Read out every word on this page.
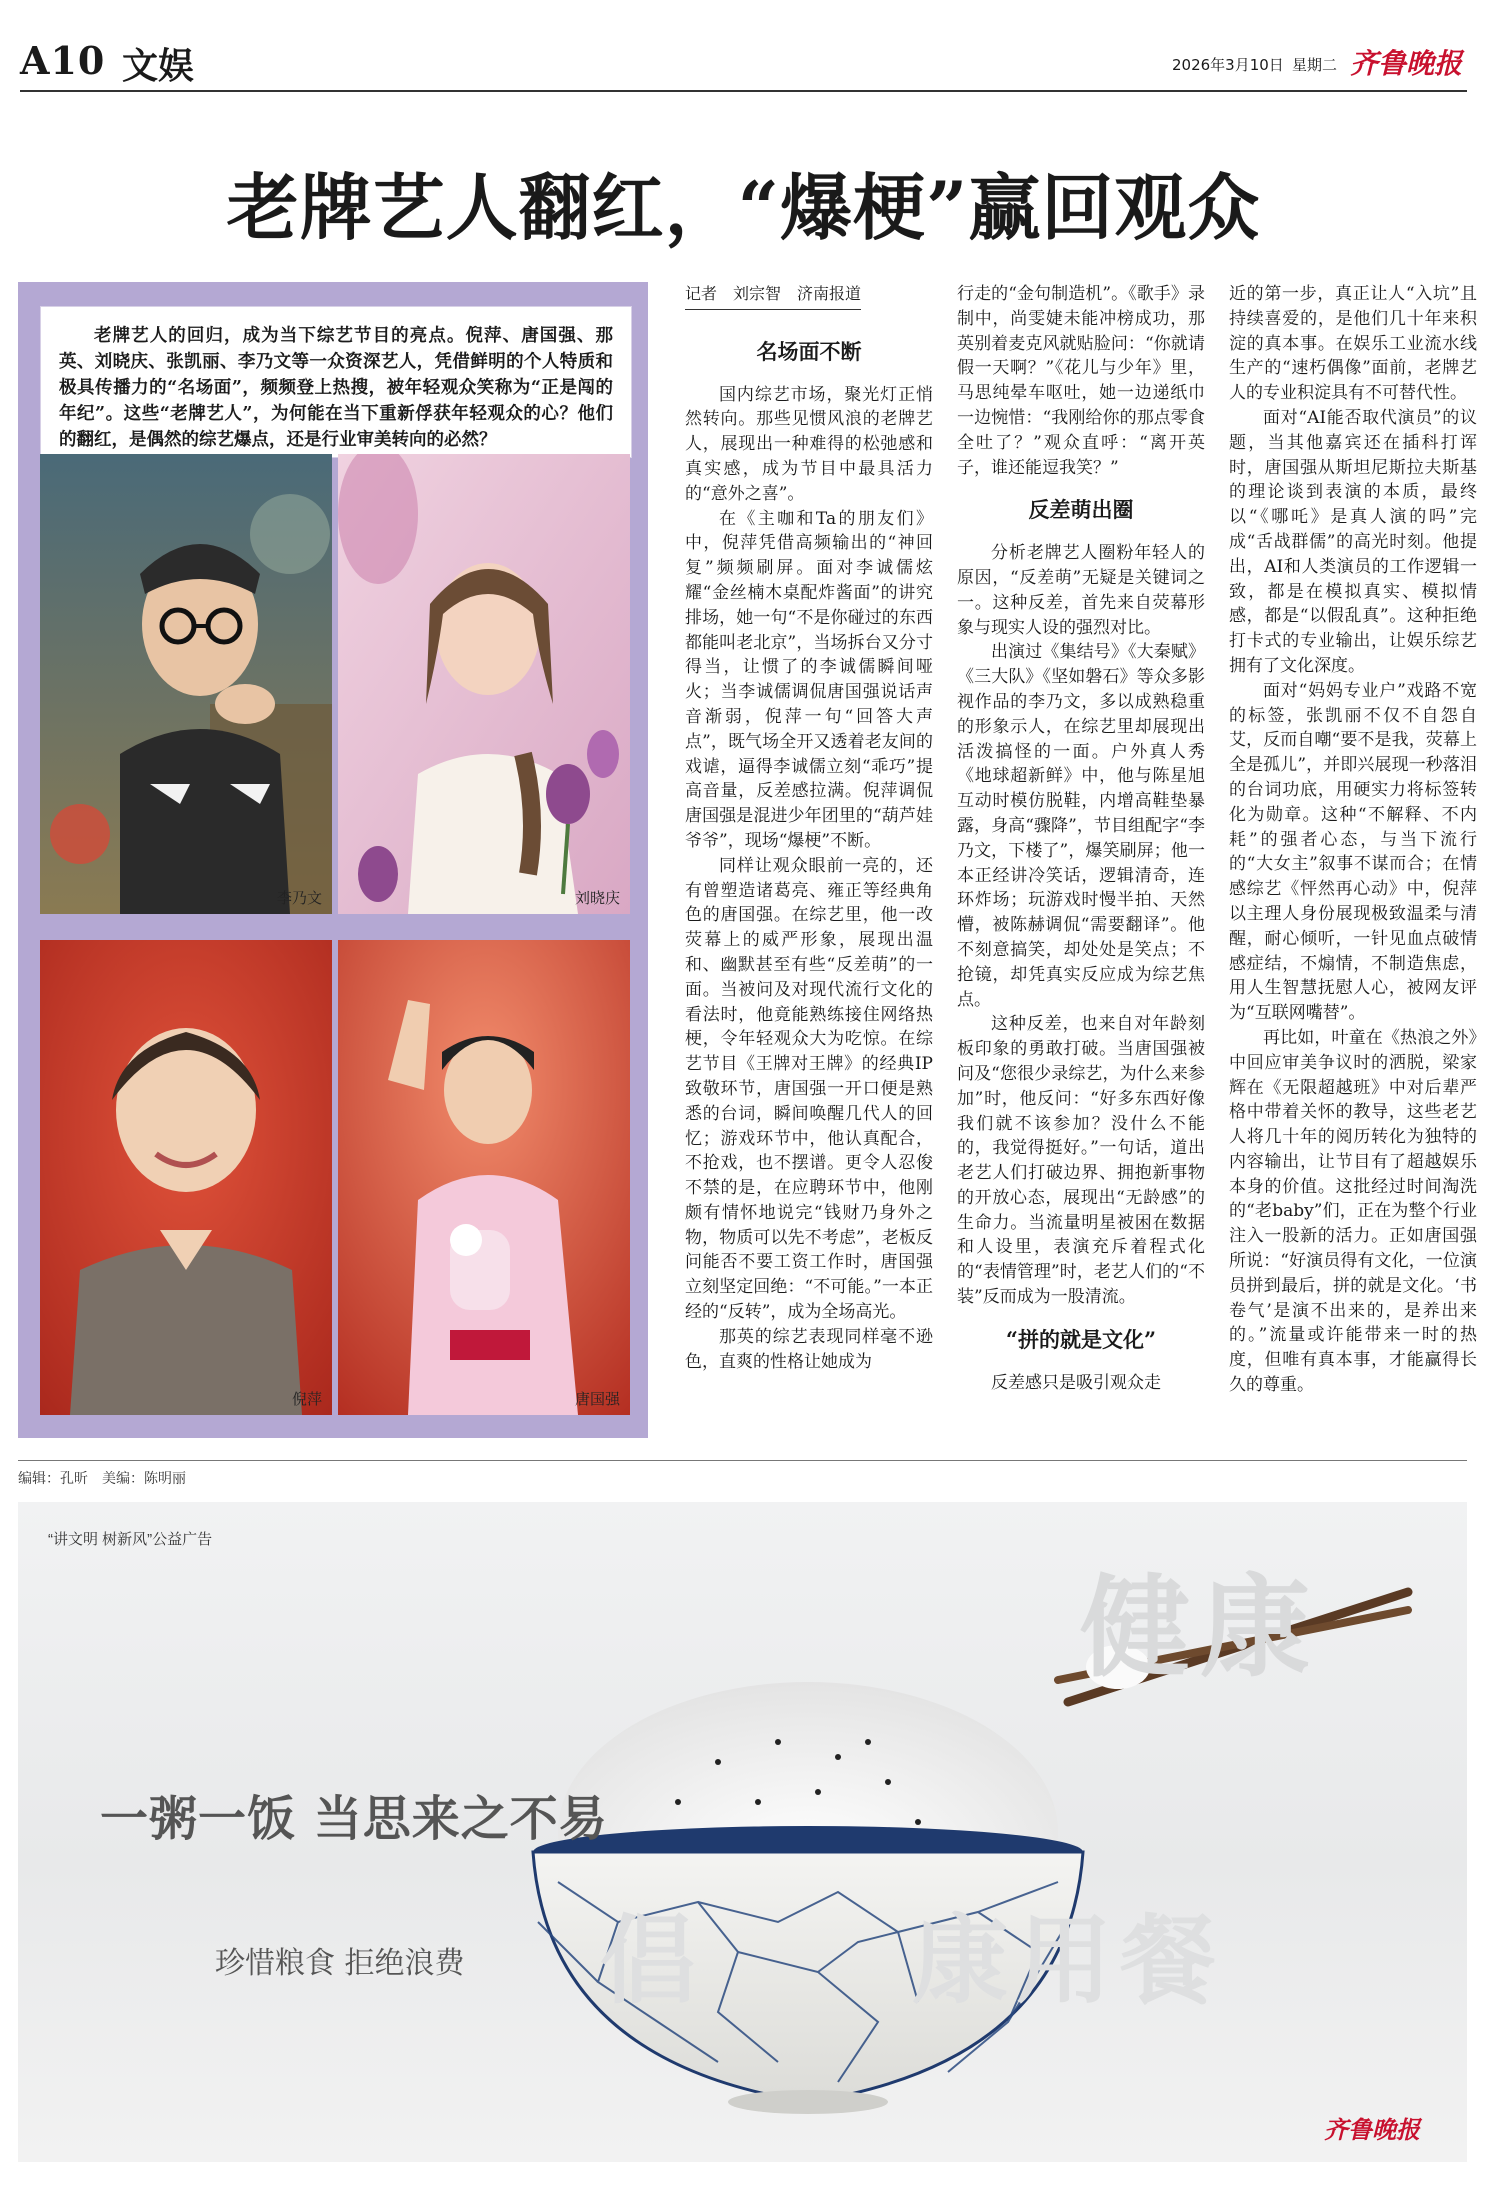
A10 文娱	2026年3月10日 星期二 齐鲁晚报
老牌艺人翻红，“爆梗”赢回观众

老牌艺人的回归，成为当下综艺节目的亮点。倪萍、唐国强、那英、刘晓庆、张凯丽、李乃文等一众资深艺人，凭借鲜明的个人特质和极具传播力的“名场面”，频频登上热搜，被年轻观众笑称为“正是闯的年纪”。这些“老牌艺人”，为何能在当下重新俘获年轻观众的心？他们的翻红，是偶然的综艺爆点，还是行业审美转向的必然？

李乃文	刘晓庆
倪萍	唐国强

记者　刘宗智　济南报道

名场面不断

国内综艺市场，聚光灯正悄然转向。那些见惯风浪的老牌艺人，展现出一种难得的松弛感和真实感，成为节目中最具活力的“意外之喜”。

在《主咖和Ta的朋友们》中，倪萍凭借高频输出的“神回复”频频刷屏。面对李诚儒炫耀“金丝楠木桌配炸酱面”的讲究排场，她一句“不是你碰过的东西都能叫老北京”，当场拆台又分寸得当，让惯了的李诚儒瞬间哑火；当李诚儒调侃唐国强说话声音渐弱，倪萍一句“回答大声点”，既气场全开又透着老友间的戏谑，逼得李诚儒立刻“乖巧”提高音量，反差感拉满。倪萍调侃唐国强是混进少年团里的“葫芦娃爷爷”，现场“爆梗”不断。

同样让观众眼前一亮的，还有曾塑造诸葛亮、雍正等经典角色的唐国强。在综艺里，他一改荧幕上的威严形象，展现出温和、幽默甚至有些“反差萌”的一面。当被问及对现代流行文化的看法时，他竟能熟练接住网络热梗，令年轻观众大为吃惊。在综艺节目《王牌对王牌》的经典IP致敬环节，唐国强一开口便是熟悉的台词，瞬间唤醒几代人的回忆；游戏环节中，他认真配合，不抢戏，也不摆谱。更令人忍俊不禁的是，在应聘环节中，他刚颇有情怀地说完“钱财乃身外之物，物质可以先不考虑”，老板反问能否不要工资工作时，唐国强立刻坚定回绝：“不可能。”一本正经的“反转”，成为全场高光。

那英的综艺表现同样毫不逊色，直爽的性格让她成为

行走的“金句制造机”。《歌手》录制中，尚雯婕未能冲榜成功，那英别着麦克风就贴脸问：“你就请假一天啊？”《花儿与少年》里，马思纯晕车呕吐，她一边递纸巾一边惋惜：“我刚给你的那点零食全吐了？”观众直呼：“离开英子，谁还能逗我笑？”

反差萌出圈

分析老牌艺人圈粉年轻人的原因，“反差萌”无疑是关键词之一。这种反差，首先来自荧幕形象与现实人设的强烈对比。

出演过《集结号》《大秦赋》《三大队》《坚如磐石》等众多影视作品的李乃文，多以成熟稳重的形象示人，在综艺里却展现出活泼搞怪的一面。户外真人秀《地球超新鲜》中，他与陈星旭互动时模仿脱鞋，内增高鞋垫暴露，身高“骤降”，节目组配字“李乃文，下楼了”，爆笑刷屏；他一本正经讲冷笑话，逻辑清奇，连环炸场；玩游戏时慢半拍、天然懵，被陈赫调侃“需要翻译”。他不刻意搞笑，却处处是笑点；不抢镜，却凭真实反应成为综艺焦点。

这种反差，也来自对年龄刻板印象的勇敢打破。当唐国强被问及“您很少录综艺，为什么来参加”时，他反问：“好多东西好像我们就不该参加？没什么不能的，我觉得挺好。”一句话，道出老艺人们打破边界、拥抱新事物的开放心态，展现出“无龄感”的生命力。当流量明星被困在数据和人设里，表演充斥着程式化的“表情管理”时，老艺人们的“不装”反而成为一股清流。

“拼的就是文化”

反差感只是吸引观众走

近的第一步，真正让人“入坑”且持续喜爱的，是他们几十年来积淀的真本事。在娱乐工业流水线生产的“速朽偶像”面前，老牌艺人的专业积淀具有不可替代性。

面对“AI能否取代演员”的议题，当其他嘉宾还在插科打诨时，唐国强从斯坦尼斯拉夫斯基的理论谈到表演的本质，最终以“《哪吒》是真人演的吗”完成“舌战群儒”的高光时刻。他提出，AI和人类演员的工作逻辑一致，都是在模拟真实、模拟情感，都是“以假乱真”。这种拒绝打卡式的专业输出，让娱乐综艺拥有了文化深度。

面对“妈妈专业户”戏路不宽的标签，张凯丽不仅不自怨自艾，反而自嘲“要不是我，荧幕上全是孤儿”，并即兴展现一秒落泪的台词功底，用硬实力将标签转化为勋章。这种“不解释、不内耗”的强者心态，与当下流行的“大女主”叙事不谋而合；在情感综艺《怦然再心动》中，倪萍以主理人身份展现极致温柔与清醒，耐心倾听，一针见血点破情感症结，不煽情，不制造焦虑，用人生智慧抚慰人心，被网友评为“互联网嘴替”。

再比如，叶童在《热浪之外》中回应审美争议时的洒脱，梁家辉在《无限超越班》中对后辈严格中带着关怀的教导，这些老艺人将几十年的阅历转化为独特的内容输出，让节目有了超越娱乐本身的价值。这批经过时间淘洗的“老baby”们，正在为整个行业注入一股新的活力。正如唐国强所说：“好演员得有文化，一位演员拼到最后，拼的就是文化。‘书卷气’是演不出来的，是养出来的。”流量或许能带来一时的热度，但唯有真本事，才能赢得长久的尊重。

编辑：孔昕　美编：陈明丽
健康
倡　　康用餐
“讲文明 树新风”公益广告
一粥一饭 当思来之不易
珍惜粮食 拒绝浪费
齐鲁晚报
